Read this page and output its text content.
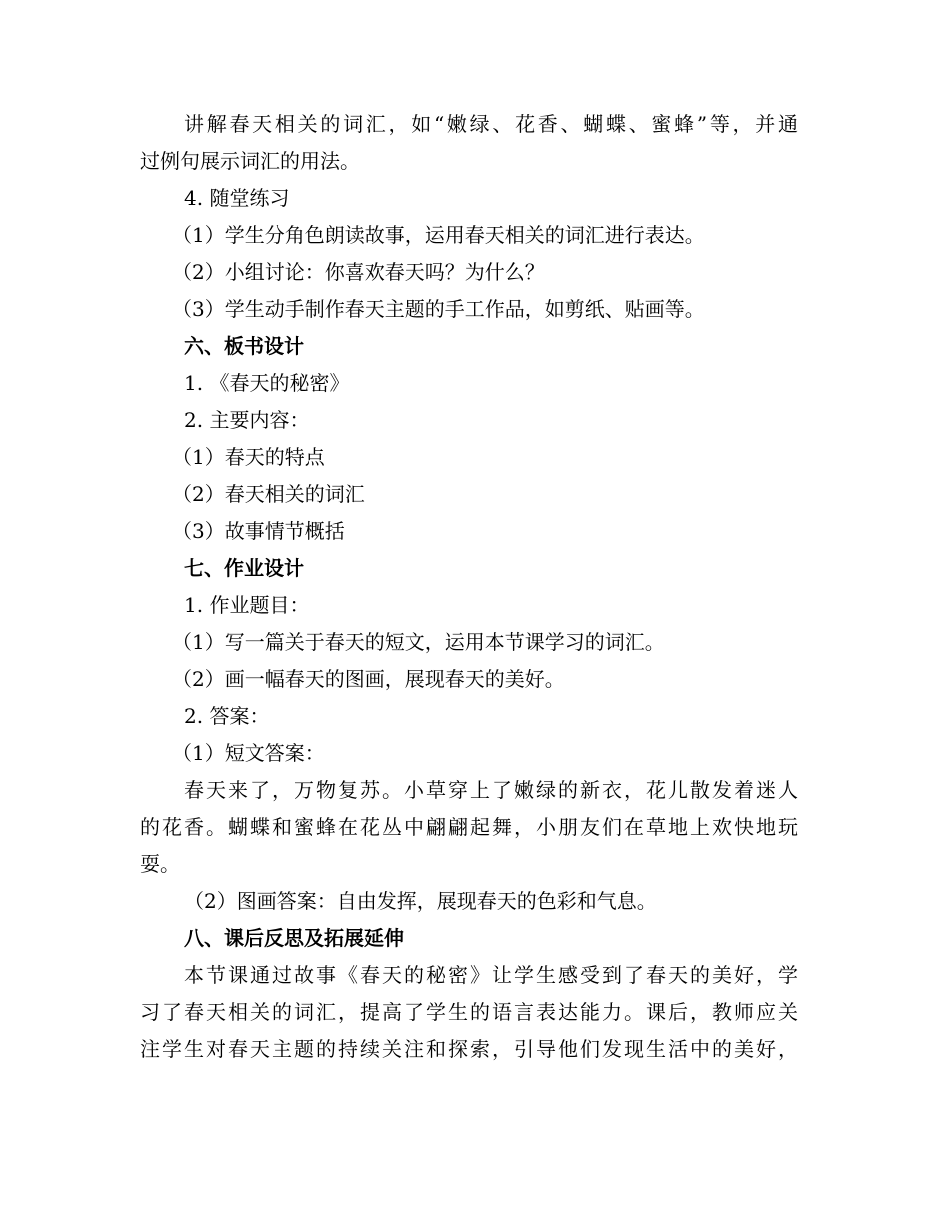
讲解春天相关的词汇，如“嫩绿、花香、蝴蝶、蜜蜂”等，并通
过例句展示词汇的用法。
4. 随堂练习
（1）学生分角色朗读故事，运用春天相关的词汇进行表达。
（2）小组讨论：你喜欢春天吗？为什么？
（3）学生动手制作春天主题的手工作品，如剪纸、贴画等。
六、板书设计
1. 《春天的秘密》
2. 主要内容：
（1）春天的特点
（2）春天相关的词汇
（3）故事情节概括
七、作业设计
1. 作业题目：
（1）写一篇关于春天的短文，运用本节课学习的词汇。
（2）画一幅春天的图画，展现春天的美好。
2. 答案：
（1）短文答案：
春天来了，万物复苏。小草穿上了嫩绿的新衣，花儿散发着迷人
的花香。蝴蝶和蜜蜂在花丛中翩翩起舞，小朋友们在草地上欢快地玩
耍。
（2）图画答案：自由发挥，展现春天的色彩和气息。
八、课后反思及拓展延伸
本节课通过故事《春天的秘密》让学生感受到了春天的美好，学
习了春天相关的词汇，提高了学生的语言表达能力。课后，教师应关
注学生对春天主题的持续关注和探索，引导他们发现生活中的美好，
